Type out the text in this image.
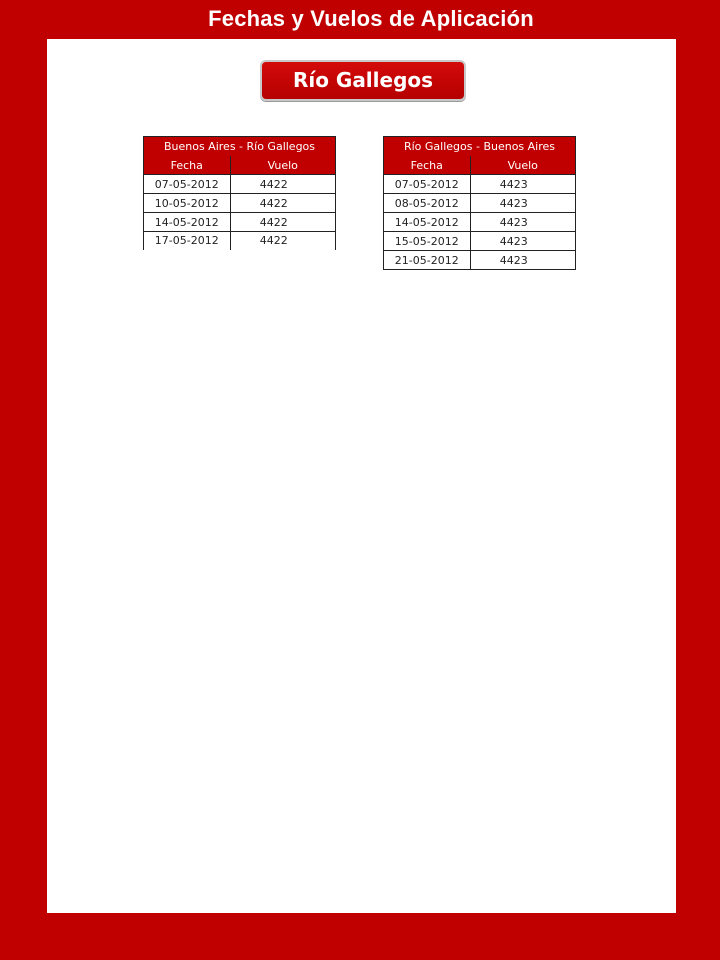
Fechas y Vuelos de Aplicación
Río Gallegos
Buenos Aires - Río Gallegos	
Fecha	Vuelo
07-05-2012	4422
10-05-2012	4422
14-05-2012	4422
17-05-2012	4422
Río Gallegos - Buenos Aires	
Fecha	Vuelo
07-05-2012	4423
08-05-2012	4423
14-05-2012	4423
15-05-2012	4423
21-05-2012	4423
